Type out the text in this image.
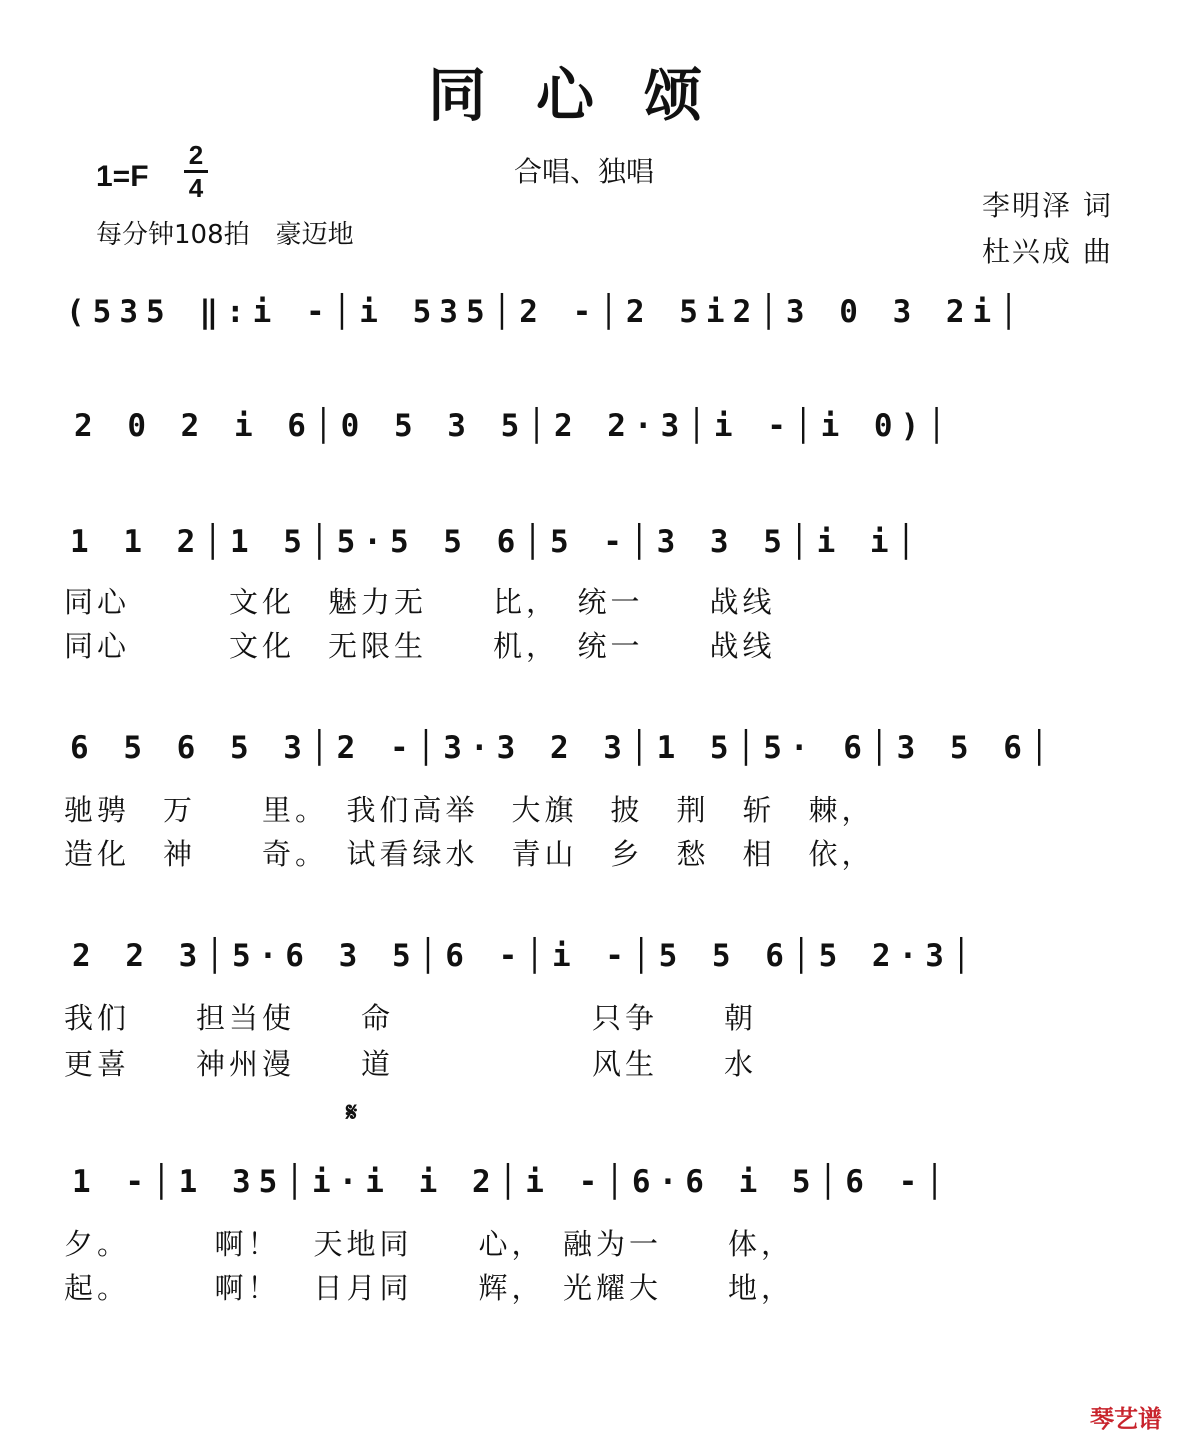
同心颂
1=F
2
4	合唱、独唱
每分钟108拍　豪迈地
李明泽 词
杜兴成 曲
(535 ‖:i -│i 535│2 -│2 5i2│3 0 3 2i│
2 0 2 i 6│0 5 3 5│2 2·3│i -│i 0)│
1 1 2│1 5│5·5 5 6│5 -│3 3 5│i i│
同心　　　文化　魅力无　　比，　统一　　战线
同心　　　文化　无限生　　机，　统一　　战线
6 5 6 5 3│2 -│3·3 2 3│1 5│5· 6│3 5 6│
驰骋　万　　里。　我们高举　大旗　披　荆　斩　棘，
造化　神　　奇。　试看绿水　青山　乡　愁　相　依，
2 2 3│5·6 3 5│6 -│i -│5 5 6│5 2·3│
我们　　担当使　　命　　　　　　只争　　朝
更喜　　神州漫　　道　　　　　　风生　　水
𝄋
1 -│1 35│i·i i 2│i -│6·6 i 5│6 -│
夕。　　　啊！　天地同　　心，　融为一　　体，
起。　　　啊！　日月同　　辉，　光耀大　　地，
琴艺谱
